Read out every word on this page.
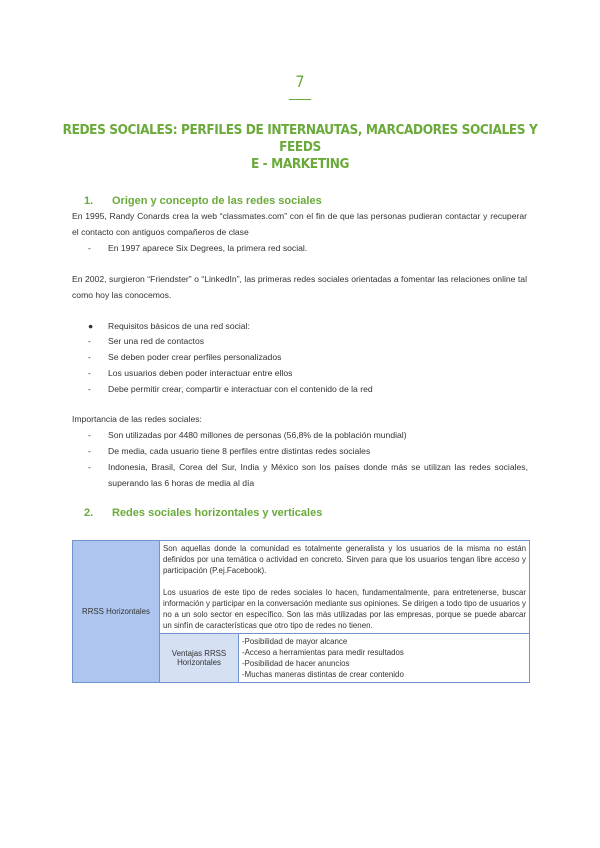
7
REDES SOCIALES: PERFILES DE INTERNAUTAS, MARCADORES SOCIALES Y FEEDS
E - MARKETING
1. Origen y concepto de las redes sociales
En 1995, Randy Conards crea la web “classmates.com” con el fin de que las personas pudieran contactar y recuperar el contacto con antiguos compañeros de clase
- En 1997 aparece Six Degrees, la primera red social.
En 2002, surgieron “Friendster” o “LinkedIn”, las primeras redes sociales orientadas a fomentar las relaciones online tal como hoy las conocemos.
● Requisitos básicos de una red social:
- Ser una red de contactos
- Se deben poder crear perfiles personalizados
- Los usuarios deben poder interactuar entre ellos
- Debe permitir crear, compartir e interactuar con el contenido de la red
Importancia de las redes sociales:
- Son utilizadas por 4480 millones de personas (56,8% de la población mundial)
- De media, cada usuario tiene 8 perfiles entre distintas redes sociales
-	Indonesia, Brasil, Corea del Sur, India y México son los países donde más se utilizan las redes sociales, superando las 6 horas de media al día
2. Redes sociales horizontales y verticales
RRSS Horizontales	Son aquellas donde la comunidad es totalmente generalista y los usuarios de la misma no están definidos por una temática o actividad en concreto. Sirven para que los usuarios tengan libre acceso y participación (P.ej.Facebook).

Los usuarios de este tipo de redes sociales lo hacen, fundamentalmente, para entretenerse, buscar información y participar en la conversación mediante sus opiniones. Se dirigen a todo tipo de usuarios y no a un solo sector en específico. Son las más utilizadas por las empresas, porque se puede abarcar un sinfín de características que otro tipo de redes no tienen.	

	Ventajas RRSS Horizontales	-Posibilidad de mayor alcance
-Acceso a herramientas para medir resultados
-Posibilidad de hacer anuncios
-Muchas maneras distintas de crear contenido
